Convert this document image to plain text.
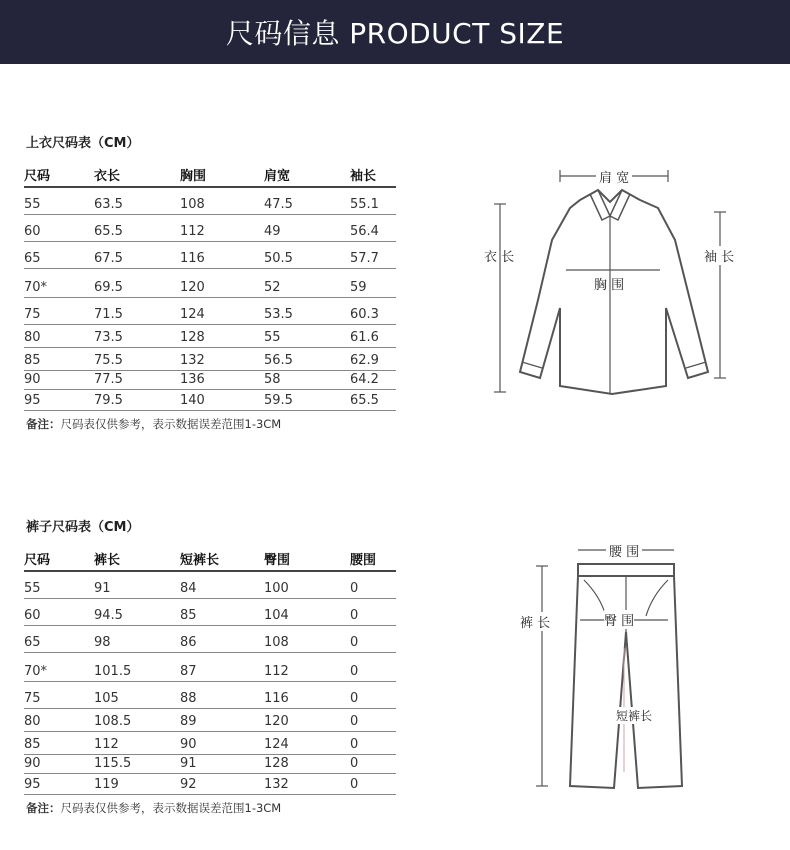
尺码信息 PRODUCT SIZE
上衣尺码表（CM）
尺码	衣长	胸围	肩宽	袖长
55	63.5	108	47.5	55.1
60	65.5	112	49	56.4
65	67.5	116	50.5	57.7
70*	69.5	120	52	59
75	71.5	124	53.5	60.3
80	73.5	128	55	61.6
85	75.5	132	56.5	62.9
90	77.5	136	58	64.2
95	79.5	140	59.5	65.5
备注：尺码表仅供参考，表示数据误差范围1-3CM
裤子尺码表（CM）
尺码	裤长	短裤长	臀围	腰围
55	91	84	100	0
60	94.5	85	104	0
65	98	86	108	0
70*	101.5	87	112	0
75	105	88	116	0
80	108.5	89	120	0
85	112	90	124	0
90	115.5	91	128	0
95	119	92	132	0
备注：尺码表仅供参考，表示数据误差范围1-3CM
肩 宽
胸 围
衣 长	袖 长
腰 围
臀 围
裤 长
短裤长
